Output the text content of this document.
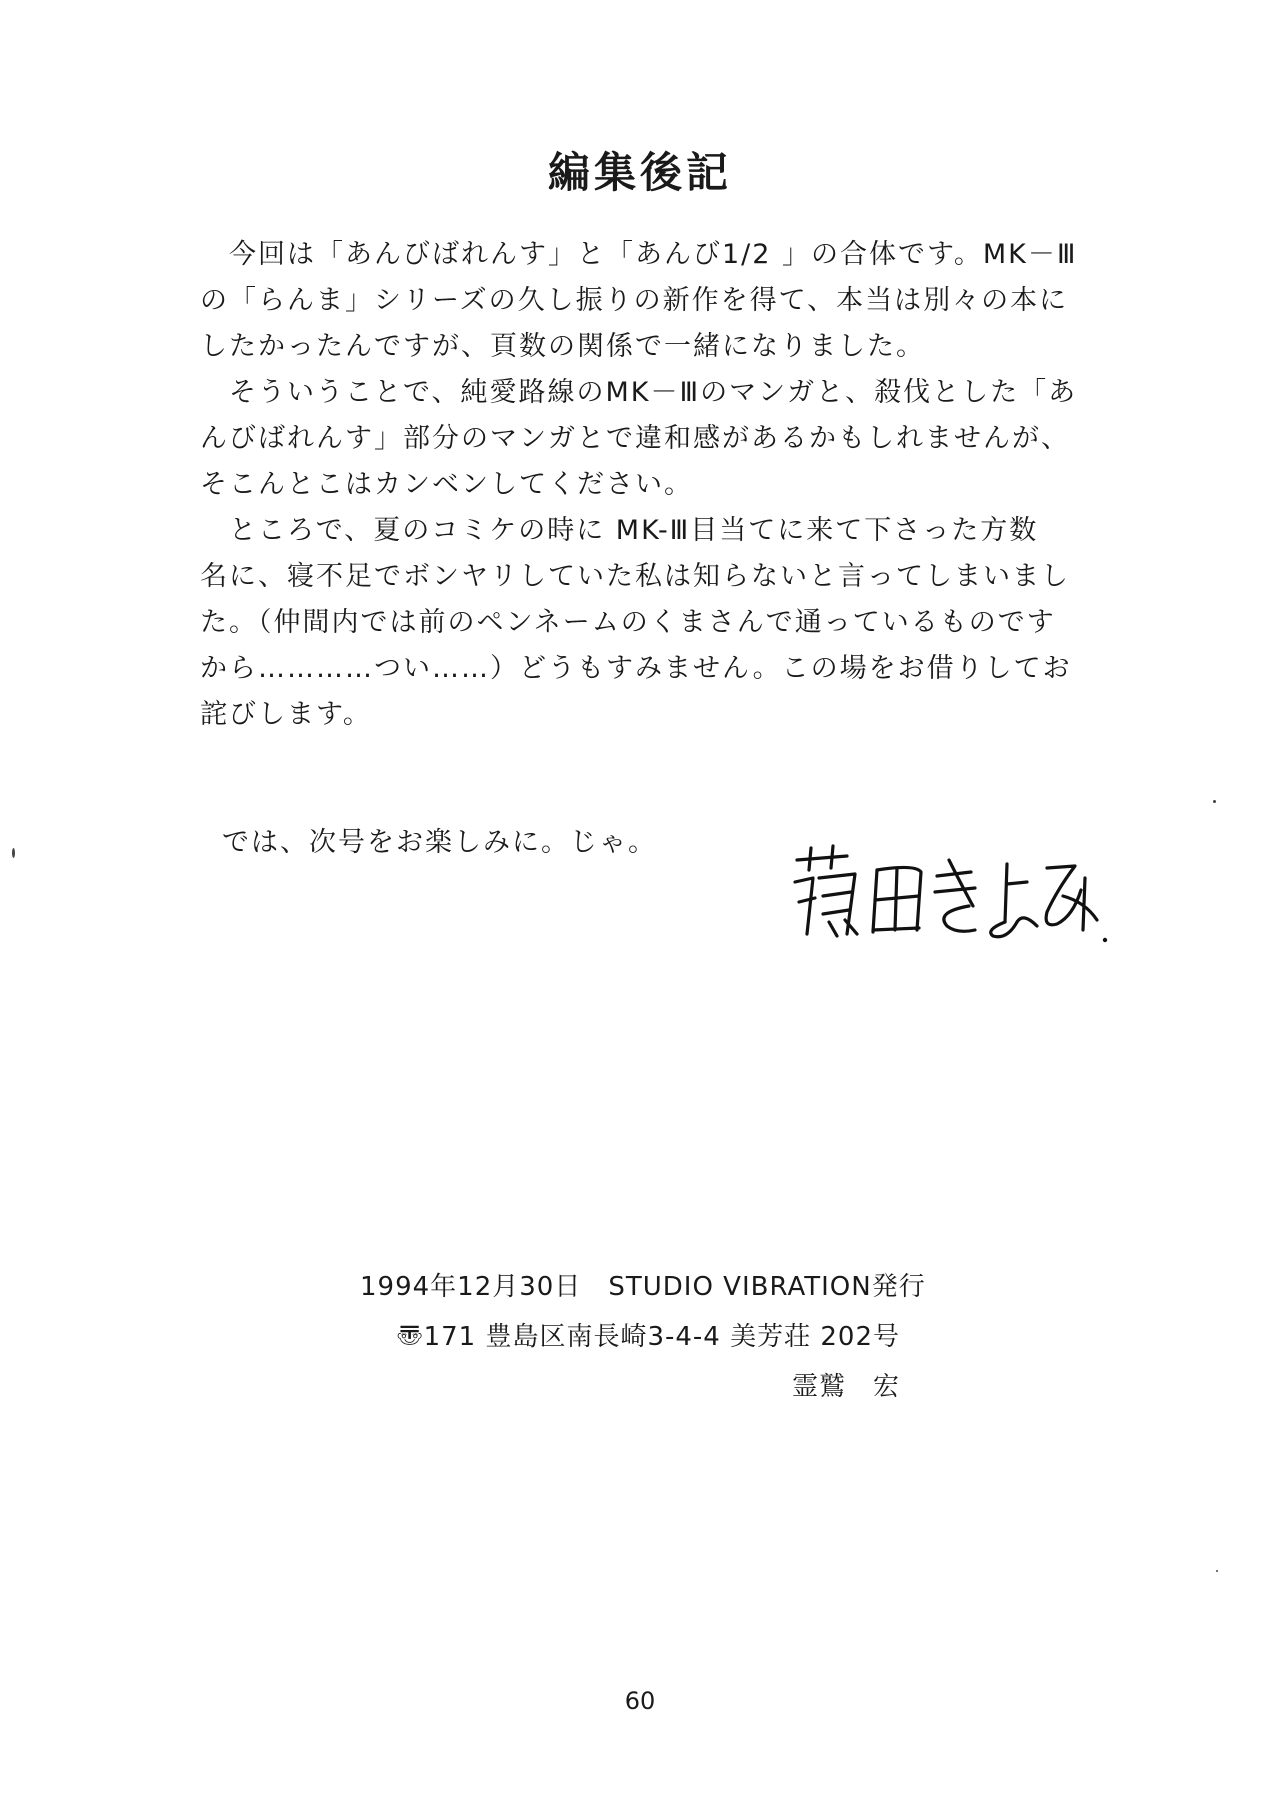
編集後記
　今回は「あんびばれんす」と「あんび1/2 」の合体です。MK－Ⅲ
の「らんま」シリーズの久し振りの新作を得て、本当は別々の本に
したかったんですが、頁数の関係で一緒になりました。
　そういうことで、純愛路線のMK－Ⅲのマンガと、殺伐とした「あ
んびばれんす」部分のマンガとで違和感があるかもしれませんが、
そこんとこはカンベンしてください。
　ところで、夏のコミケの時に MK-Ⅲ目当てに来て下さった方数
名に、寝不足でボンヤリしていた私は知らないと言ってしまいまし
た。（仲間内では前のペンネームのくまさんで通っているものです
から…………つい……）どうもすみません。この場をお借りしてお
詫びします。
では、次号をお楽しみに。じゃ。
1994年12月30日　STUDIO VIBRATION発行
〠171 豊島区南長崎3-4-4 美芳荘 202号
霊鷲　宏
60
